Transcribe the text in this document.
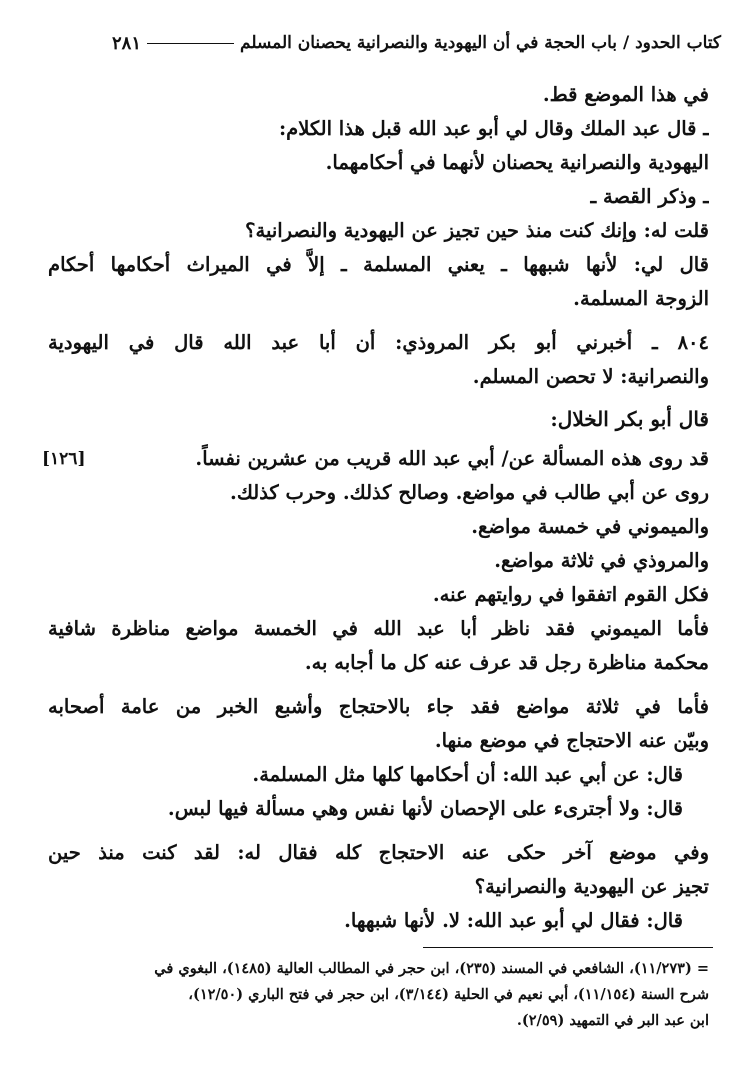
كتاب الحدود / باب الحجة في أن اليهودية والنصرانية يحصنان المسلم
٢٨١
[١٢٦]
في هذا الموضع قط.
ـ قال عبد الملك وقال لي أبو عبد الله قبل هذا الكلام:
اليهودية والنصرانية يحصنان لأنهما في أحكامهما.
ـ وذكر القصة ـ
قلت له: وإنك كنت منذ حين تجيز عن اليهودية والنصرانية؟
قال لي: لأنها شبهها ـ يعني المسلمة ـ إلاَّ في الميراث أحكامها أحكام
الزوجة المسلمة.
٨٠٤ ـ أخبرني أبو بكر المروذي: أن أبا عبد الله قال في اليهودية
والنصرانية: لا تحصن المسلم.
قال أبو بكر الخلال:
قد روى هذه المسألة عن/ أبي عبد الله قريب من عشرين نفساً.
روى عن أبي طالب في مواضع. وصالح كذلك. وحرب كذلك.
والميموني في خمسة مواضع.
والمروذي في ثلاثة مواضع.
فكل القوم اتفقوا في روايتهم عنه.
فأما الميموني فقد ناظر أبا عبد الله في الخمسة مواضع مناظرة شافية
محكمة مناظرة رجل قد عرف عنه كل ما أجابه به.
فأما في ثلاثة مواضع فقد جاء بالاحتجاج وأشبع الخبر من عامة أصحابه
وبيّن عنه الاحتجاج في موضع منها.
قال: عن أبي عبد الله: أن أحكامها كلها مثل المسلمة.
قال: ولا أجترىء على الإحصان لأنها نفس وهي مسألة فيها لبس.
وفي موضع آخر حكى عنه الاحتجاج كله فقال له: لقد كنت منذ حين
تجيز عن اليهودية والنصرانية؟
قال: فقال لي أبو عبد الله: لا. لأنها شبهها.
= (١١/٢٧٣)، الشافعي في المسند (٢٣٥)، ابن حجر في المطالب العالية (١٤٨٥)، البغوي في
شرح السنة (١١/١٥٤)، أبي نعيم في الحلية (٣/١٤٤)، ابن حجر في فتح الباري (١٢/٥٠)،
ابن عبد البر في التمهيد (٢/٥٩).
